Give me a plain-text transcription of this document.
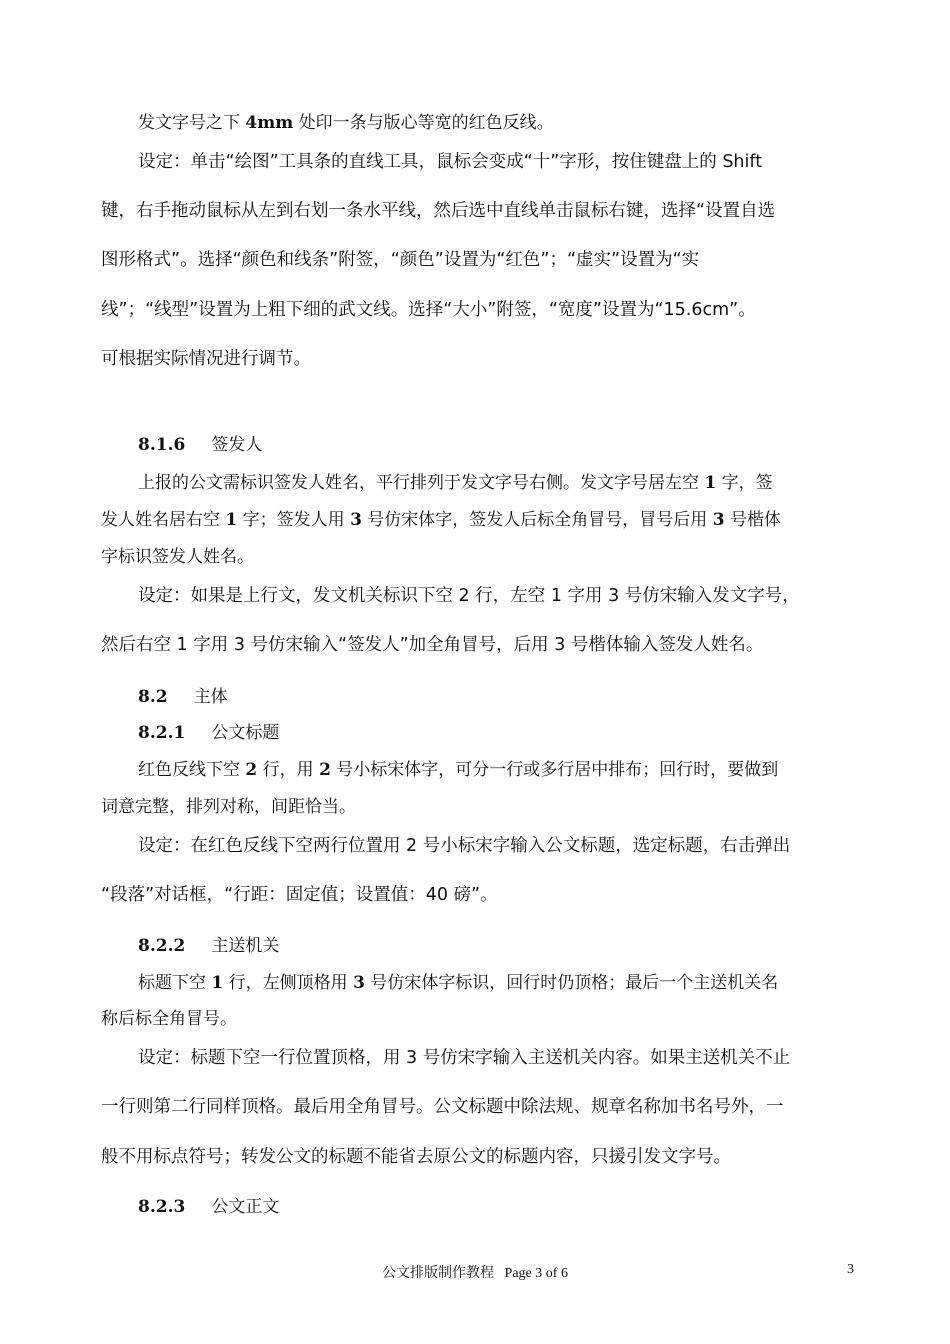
发文字号之下 4mm 处印一条与版心等宽的红色反线。
设定：单击“绘图”工具条的直线工具，鼠标会变成“十”字形，按住键盘上的 Shift
键，右手拖动鼠标从左到右划一条水平线，然后选中直线单击鼠标右键，选择“设置自选
图形格式”。选择“颜色和线条”附签，“颜色”设置为“红色”；“虚实”设置为“实
线”；“线型”设置为上粗下细的武文线。选择“大小”附签，“宽度”设置为“15.6cm”。
可根据实际情况进行调节。
8.1.6 签发人
上报的公文需标识签发人姓名，平行排列于发文字号右侧。发文字号居左空 1 字，签
发人姓名居右空 1 字；签发人用 3 号仿宋体字，签发人后标全角冒号，冒号后用 3 号楷体
字标识签发人姓名。
设定：如果是上行文，发文机关标识下空 2 行，左空 1 字用 3 号仿宋输入发文字号，
然后右空 1 字用 3 号仿宋输入“签发人”加全角冒号，后用 3 号楷体输入签发人姓名。
8.2 主体
8.2.1 公文标题
红色反线下空 2 行，用 2 号小标宋体字，可分一行或多行居中排布；回行时，要做到
词意完整，排列对称，间距恰当。
设定：在红色反线下空两行位置用 2 号小标宋字输入公文标题，选定标题，右击弹出
“段落”对话框，“行距：固定值；设置值：40 磅”。
8.2.2 主送机关
标题下空 1 行，左侧顶格用 3 号仿宋体字标识，回行时仍顶格；最后一个主送机关名
称后标全角冒号。
设定：标题下空一行位置顶格，用 3 号仿宋字输入主送机关内容。如果主送机关不止
一行则第二行同样顶格。最后用全角冒号。公文标题中除法规、规章名称加书名号外，一
般不用标点符号；转发公文的标题不能省去原公文的标题内容，只援引发文字号。
8.2.3 公文正文
公文排版制作教程 Page 3 of 6	3
